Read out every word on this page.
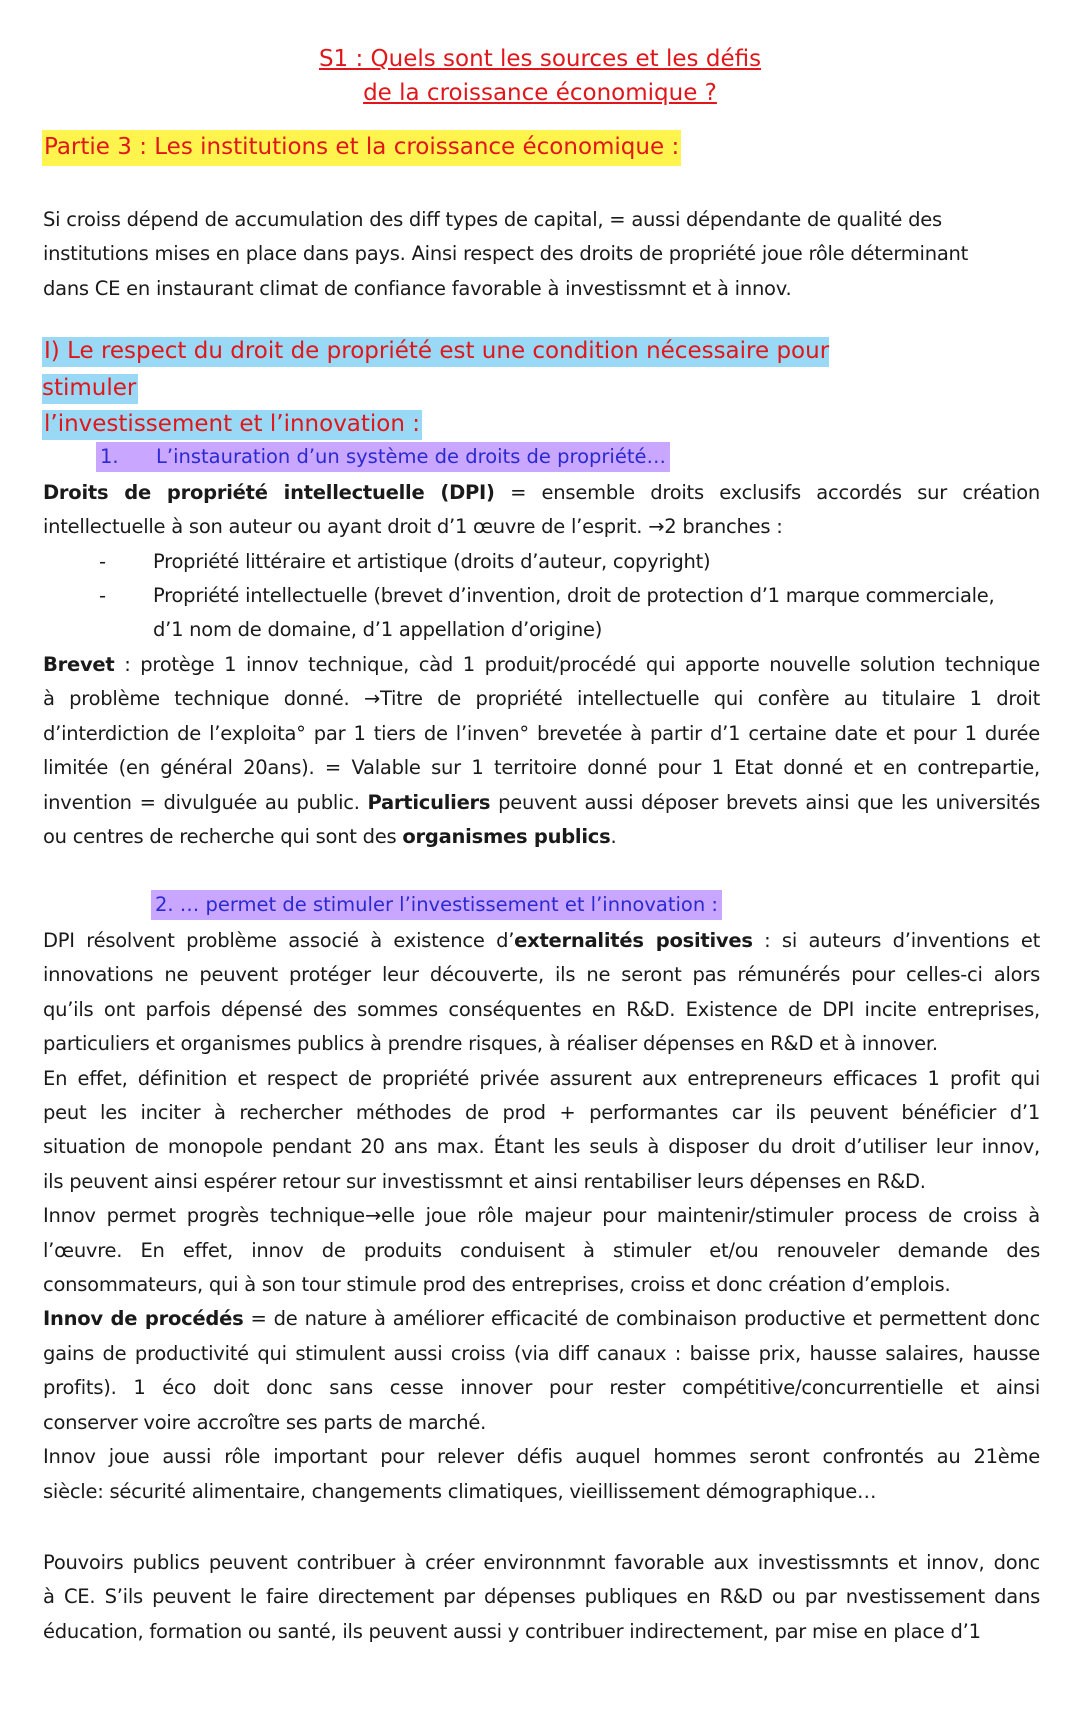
S1 : Quels sont les sources et les défis
de la croissance économique ?
Partie 3 : Les institutions et la croissance économique :
Si croiss dépend de accumulation des diff types de capital, = aussi dépendante de qualité des
institutions mises en place dans pays. Ainsi respect des droits de propriété joue rôle déterminant
dans CE en instaurant climat de confiance favorable à investissmnt et à innov.
I) Le respect du droit de propriété est une condition nécessaire pour stimuler
l’investissement et l’innovation :
1. L’instauration d’un système de droits de propriété…
Droits de propriété intellectuelle (DPI) = ensemble droits exclusifs accordés sur création
intellectuelle à son auteur ou ayant droit d’1 œuvre de l’esprit. →2 branches :
- Propriété littéraire et artistique (droits d’auteur, copyright)
- Propriété intellectuelle (brevet d’invention, droit de protection d’1 marque commerciale,
d’1 nom de domaine, d’1 appellation d’origine)
Brevet : protège 1 innov technique, càd 1 produit/procédé qui apporte nouvelle solution technique
à problème technique donné. →Titre de propriété intellectuelle qui confère au titulaire 1 droit
d’interdiction de l’exploita° par 1 tiers de l’inven° brevetée à partir d’1 certaine date et pour 1 durée
limitée (en général 20ans). = Valable sur 1 territoire donné pour 1 Etat donné et en contrepartie,
invention = divulguée au public. Particuliers peuvent aussi déposer brevets ainsi que les universités
ou centres de recherche qui sont des organismes publics.
2. … permet de stimuler l’investissement et l’innovation :
DPI résolvent problème associé à existence d’externalités positives : si auteurs d’inventions et
innovations ne peuvent protéger leur découverte, ils ne seront pas rémunérés pour celles-ci alors
qu’ils ont parfois dépensé des sommes conséquentes en R&D. Existence de DPI incite entreprises,
particuliers et organismes publics à prendre risques, à réaliser dépenses en R&D et à innover.
En effet, définition et respect de propriété privée assurent aux entrepreneurs efficaces 1 profit qui
peut les inciter à rechercher méthodes de prod + performantes car ils peuvent bénéficier d’1
situation de monopole pendant 20 ans max. Étant les seuls à disposer du droit d’utiliser leur innov,
ils peuvent ainsi espérer retour sur investissmnt et ainsi rentabiliser leurs dépenses en R&D.
Innov permet progrès technique→elle joue rôle majeur pour maintenir/stimuler process de croiss à
l’œuvre. En effet, innov de produits conduisent à stimuler et/ou renouveler demande des
consommateurs, qui à son tour stimule prod des entreprises, croiss et donc création d’emplois.
Innov de procédés = de nature à améliorer efficacité de combinaison productive et permettent donc
gains de productivité qui stimulent aussi croiss (via diff canaux : baisse prix, hausse salaires, hausse
profits). 1 éco doit donc sans cesse innover pour rester compétitive/concurrentielle et ainsi
conserver voire accroître ses parts de marché.
Innov joue aussi rôle important pour relever défis auquel hommes seront confrontés au 21ème
siècle: sécurité alimentaire, changements climatiques, vieillissement démographique…
Pouvoirs publics peuvent contribuer à créer environnmnt favorable aux investissmnts et innov, donc
à CE. S’ils peuvent le faire directement par dépenses publiques en R&D ou par nvestissement dans
éducation, formation ou santé, ils peuvent aussi y contribuer indirectement, par mise en place d’1
